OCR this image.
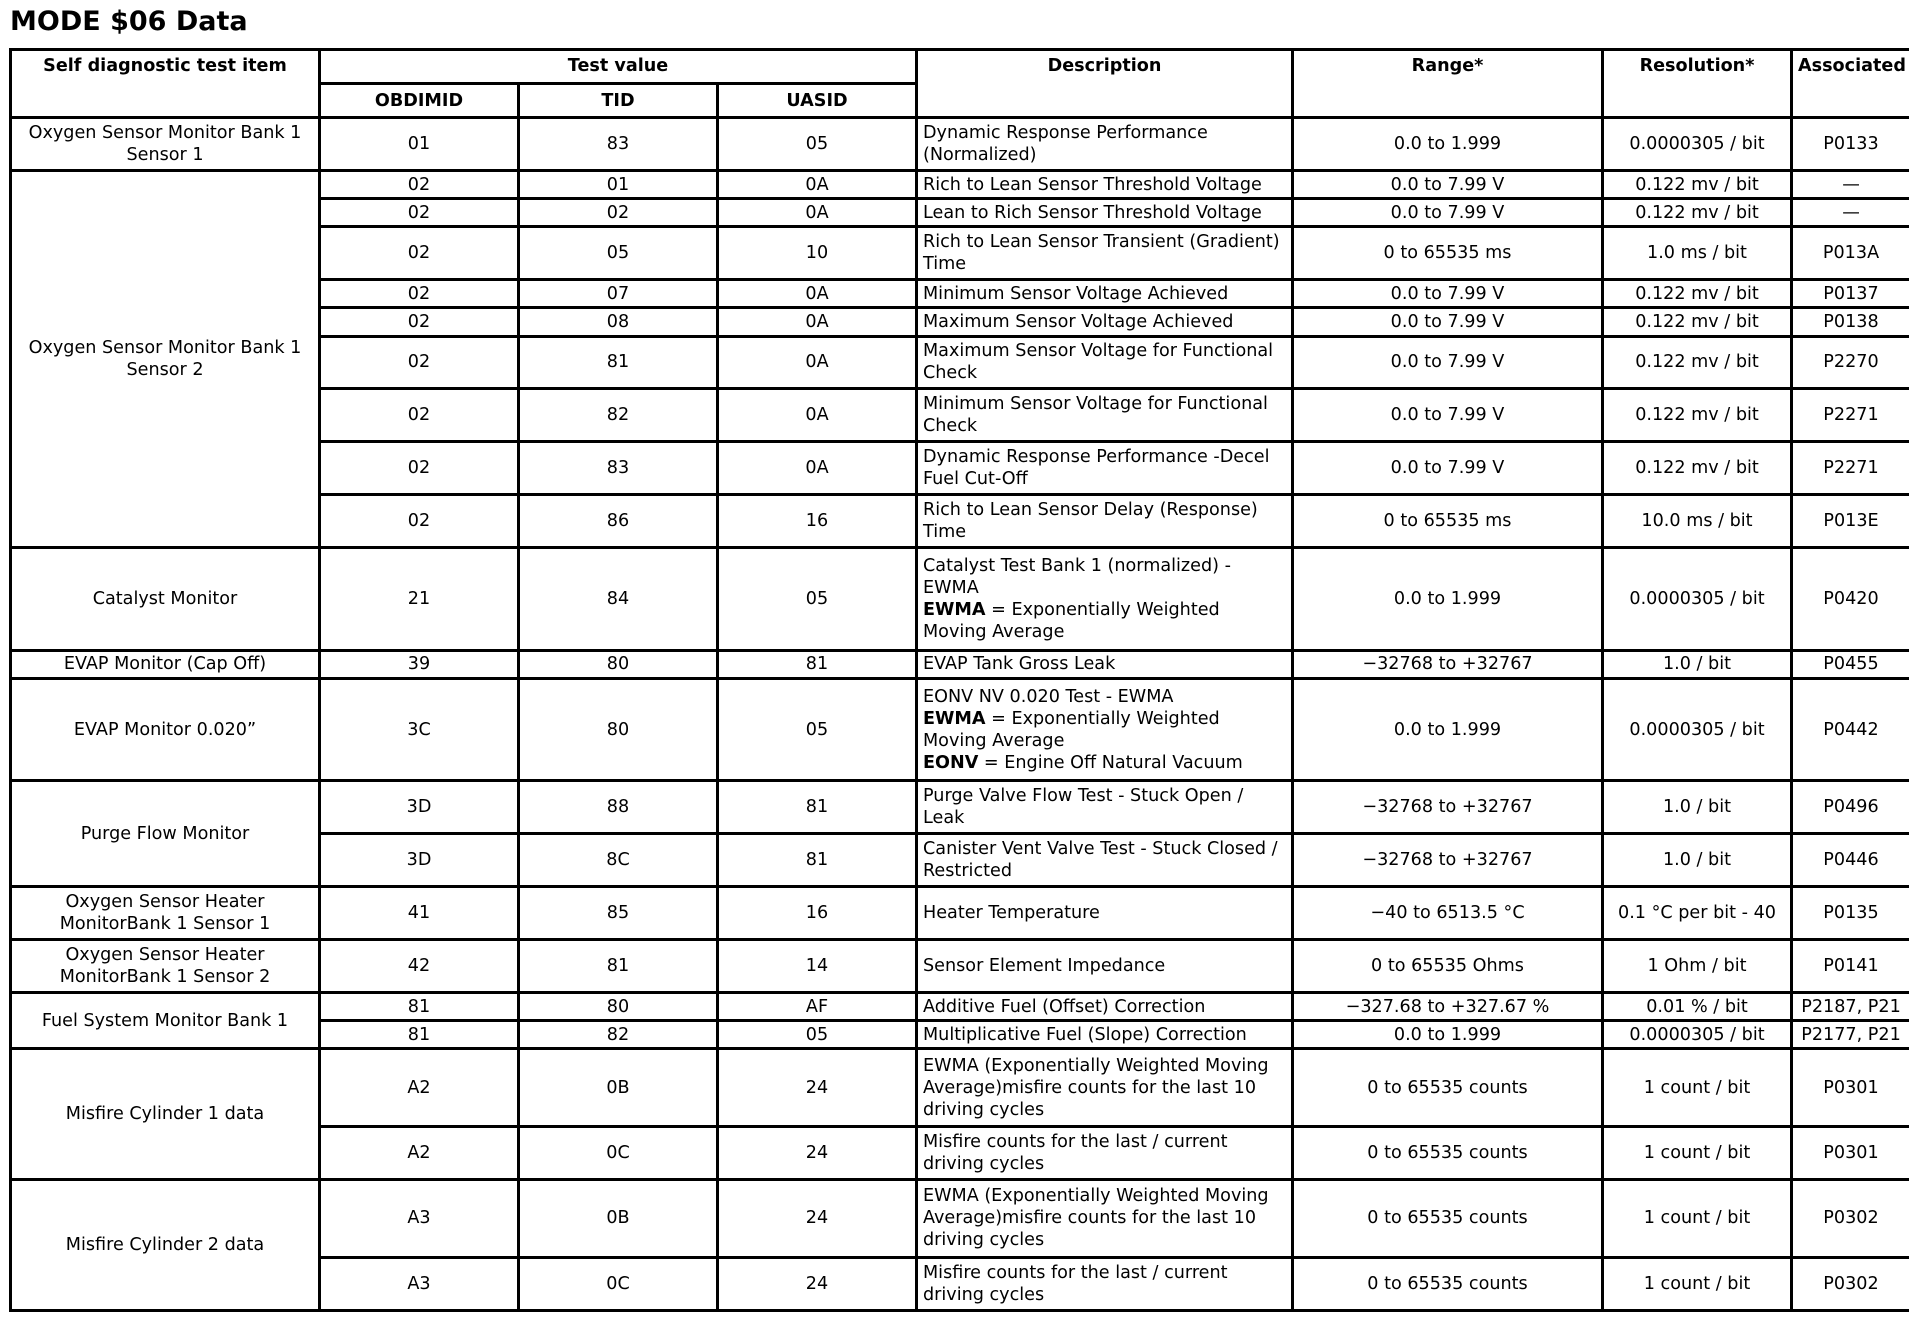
MODE $06 Data
Self diagnostic test item	Test value			Description	Range*	Resolution*	Associated
	OBDIMID	TID	UASID				
Oxygen Sensor Monitor Bank 1 Sensor 1	01	83	05	Dynamic Response Performance (Normalized)	0.0 to 1.999	0.0000305 / bit	P0133
Oxygen Sensor Monitor Bank 1 Sensor 2	02	01	0A	Rich to Lean Sensor Threshold Voltage	0.0 to 7.99 V	0.122 mv / bit	—
	02	02	0A	Lean to Rich Sensor Threshold Voltage	0.0 to 7.99 V	0.122 mv / bit	—
	02	05	10	Rich to Lean Sensor Transient (Gradient) Time	0 to 65535 ms	1.0 ms / bit	P013A
	02	07	0A	Minimum Sensor Voltage Achieved	0.0 to 7.99 V	0.122 mv / bit	P0137
	02	08	0A	Maximum Sensor Voltage Achieved	0.0 to 7.99 V	0.122 mv / bit	P0138
	02	81	0A	Maximum Sensor Voltage for Functional Check	0.0 to 7.99 V	0.122 mv / bit	P2270
	02	82	0A	Minimum Sensor Voltage for Functional Check	0.0 to 7.99 V	0.122 mv / bit	P2271
	02	83	0A	Dynamic Response Performance -Decel Fuel Cut-Off	0.0 to 7.99 V	0.122 mv / bit	P2271
	02	86	16	Rich to Lean Sensor Delay (Response) Time	0 to 65535 ms	10.0 ms / bit	P013E
Catalyst Monitor	21	84	05	Catalyst Test Bank 1 (normalized) - EWMA
EWMA = Exponentially Weighted Moving Average	0.0 to 1.999	0.0000305 / bit	P0420
EVAP Monitor (Cap Off)	39	80	81	EVAP Tank Gross Leak	−32768 to +32767	1.0 / bit	P0455
EVAP Monitor 0.020”	3C	80	05	EONV NV 0.020 Test - EWMA
EWMA = Exponentially Weighted Moving Average
EONV = Engine Off Natural Vacuum	0.0 to 1.999	0.0000305 / bit	P0442
Purge Flow Monitor	3D	88	81	Purge Valve Flow Test - Stuck Open / Leak	−32768 to +32767	1.0 / bit	P0496
	3D	8C	81	Canister Vent Valve Test - Stuck Closed / Restricted	−32768 to +32767	1.0 / bit	P0446
Oxygen Sensor Heater MonitorBank 1 Sensor 1	41	85	16	Heater Temperature	−40 to 6513.5 °C	0.1 °C per bit - 40	P0135
Oxygen Sensor Heater MonitorBank 1 Sensor 2	42	81	14	Sensor Element Impedance	0 to 65535 Ohms	1 Ohm / bit	P0141
Fuel System Monitor Bank 1	81	80	AF	Additive Fuel (Offset) Correction	−327.68 to +327.67 %	0.01 % / bit	P2187, P21
	81	82	05	Multiplicative Fuel (Slope) Correction	0.0 to 1.999	0.0000305 / bit	P2177, P21
Misfire Cylinder 1 data	A2	0B	24	EWMA (Exponentially Weighted Moving Average)misfire counts for the last 10 driving cycles	0 to 65535 counts	1 count / bit	P0301
	A2	0C	24	Misfire counts for the last / current driving cycles	0 to 65535 counts	1 count / bit	P0301
Misfire Cylinder 2 data	A3	0B	24	EWMA (Exponentially Weighted Moving Average)misfire counts for the last 10 driving cycles	0 to 65535 counts	1 count / bit	P0302
	A3	0C	24	Misfire counts for the last / current driving cycles	0 to 65535 counts	1 count / bit	P0302
